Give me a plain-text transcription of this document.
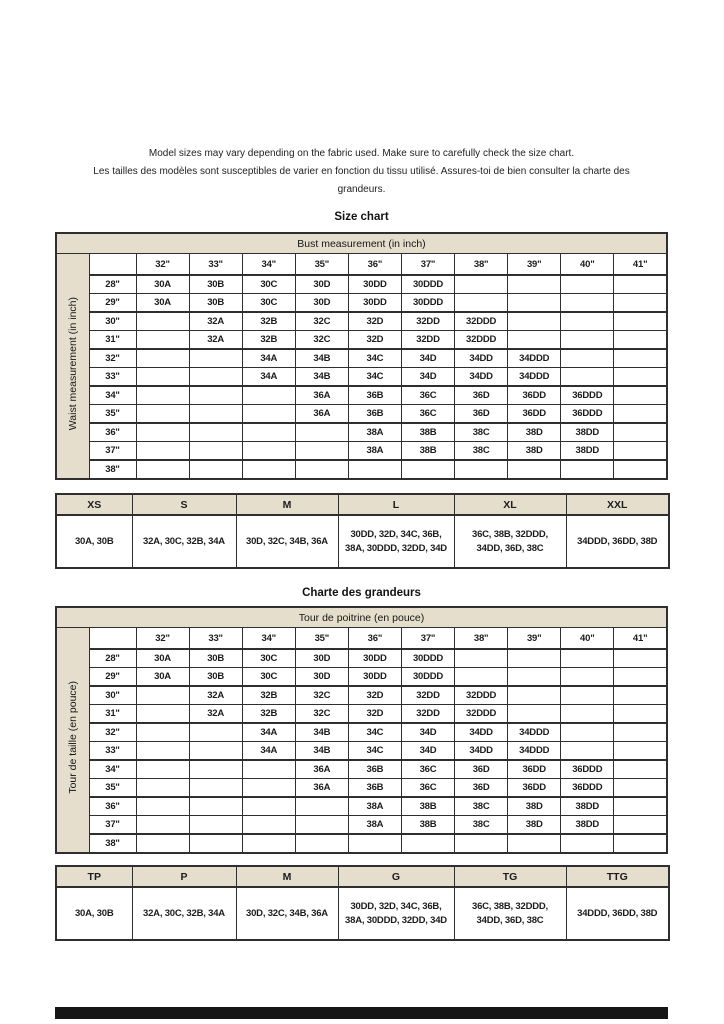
Model sizes may vary depending on the fabric used. Make sure to carefully check the size chart.
Les tailles des modèles sont susceptibles de varier en fonction du tissu utilisé. Assures-toi de bien consulter la charte des
grandeurs.
Size chart
Bust measurement (in inch)											
Waist measurement (in inch)		32"	33"	34"	35"	36"	37"	38"	39"	40"	41"
	28"	30A	30B	30C	30D	30DD	30DDD				
	29"	30A	30B	30C	30D	30DD	30DDD				
	30"		32A	32B	32C	32D	32DD	32DDD			
	31"		32A	32B	32C	32D	32DD	32DDD			
	32"			34A	34B	34C	34D	34DD	34DDD		
	33"			34A	34B	34C	34D	34DD	34DDD		
	34"				36A	36B	36C	36D	36DD	36DDD	
	35"				36A	36B	36C	36D	36DD	36DDD	
	36"					38A	38B	38C	38D	38DD	
	37"					38A	38B	38C	38D	38DD	
	38"										
XS	S	M	L	XL	XXL
30A, 30B	32A, 30C, 32B, 34A	30D, 32C, 34B, 36A	30DD, 32D, 34C, 36B, 38A, 30DDD, 32DD, 34D	36C, 38B, 32DDD, 34DD, 36D, 38C	34DDD, 36DD, 38D
Charte des grandeurs
Tour de poitrine (en pouce)											
Tour de taille (en pouce)		32"	33"	34"	35"	36"	37"	38"	39"	40"	41"
	28"	30A	30B	30C	30D	30DD	30DDD				
	29"	30A	30B	30C	30D	30DD	30DDD				
	30"		32A	32B	32C	32D	32DD	32DDD			
	31"		32A	32B	32C	32D	32DD	32DDD			
	32"			34A	34B	34C	34D	34DD	34DDD		
	33"			34A	34B	34C	34D	34DD	34DDD		
	34"				36A	36B	36C	36D	36DD	36DDD	
	35"				36A	36B	36C	36D	36DD	36DDD	
	36"					38A	38B	38C	38D	38DD	
	37"					38A	38B	38C	38D	38DD	
	38"										
TP	P	M	G	TG	TTG
30A, 30B	32A, 30C, 32B, 34A	30D, 32C, 34B, 36A	30DD, 32D, 34C, 36B, 38A, 30DDD, 32DD, 34D	36C, 38B, 32DDD, 34DD, 36D, 38C	34DDD, 36DD, 38D
